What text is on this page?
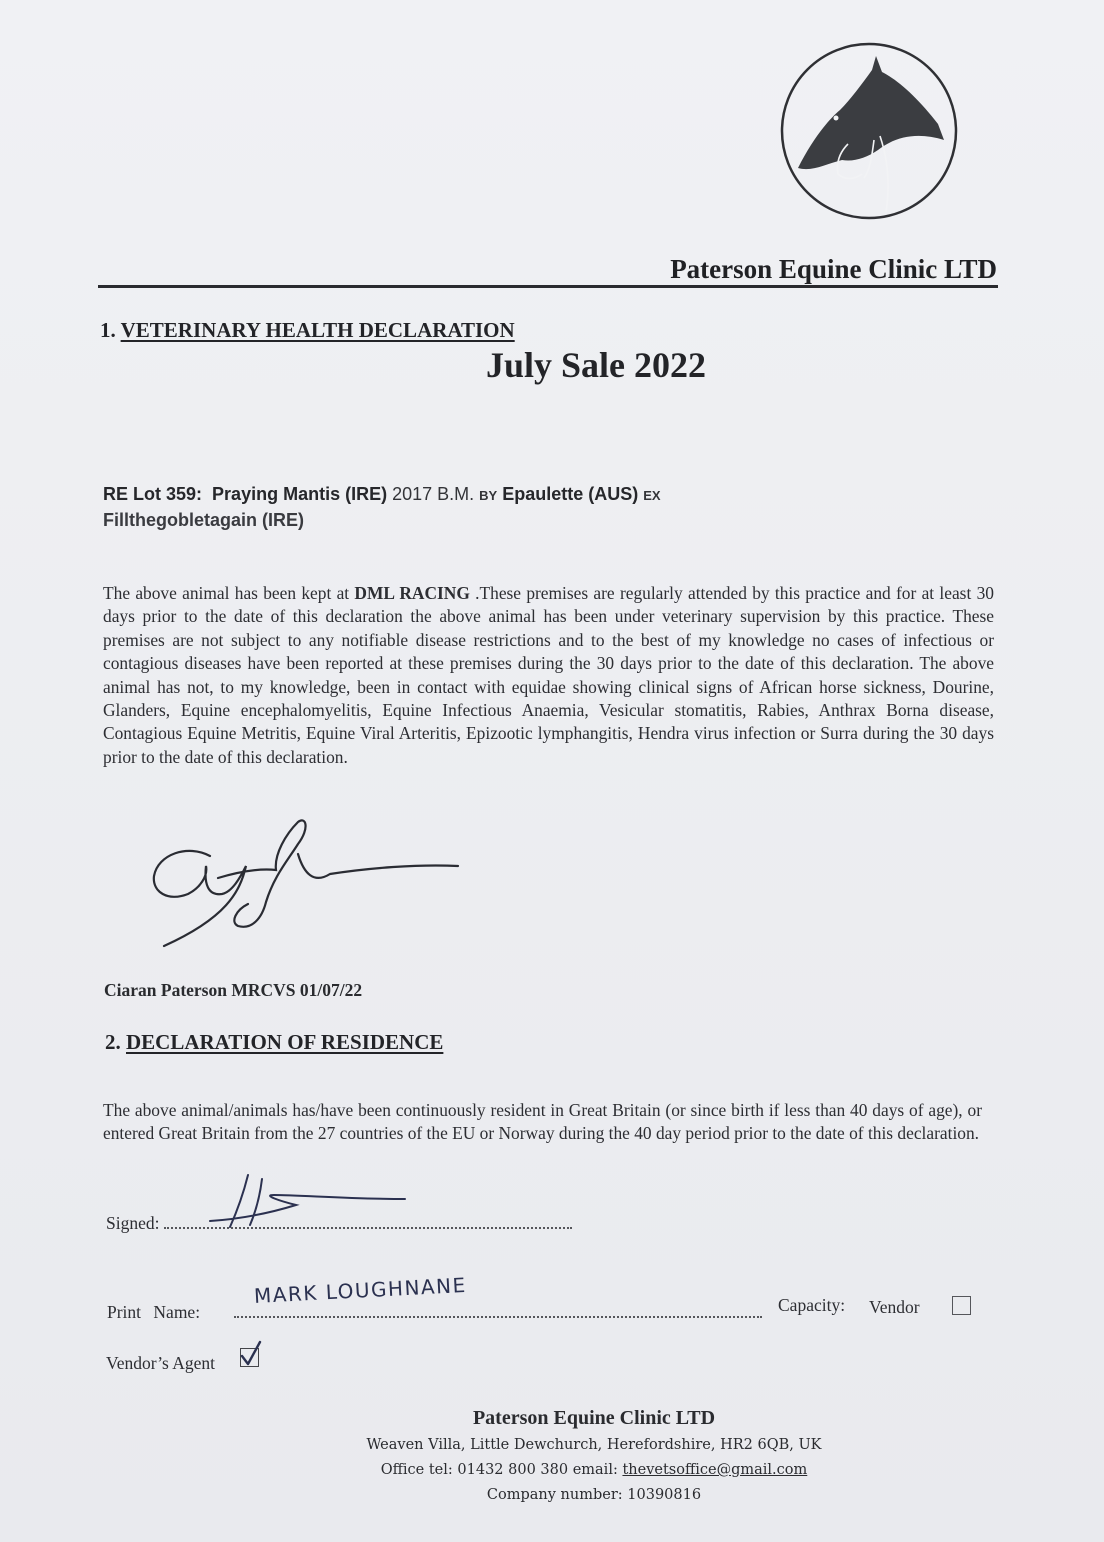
Paterson Equine Clinic LTD
1. VETERINARY HEALTH DECLARATION
July Sale 2022
RE Lot 359: Praying Mantis (IRE) 2017 B.M. BY Epaulette (AUS) EX
Fillthegobletagain (IRE)
The above animal has been kept at DML RACING .These premises are regularly attended by this practice and for at least 30 days prior to the date of this declaration the above animal has been under veterinary supervision by this practice. These premises are not subject to any notifiable disease restrictions and to the best of my knowledge no cases of infectious or contagious diseases have been reported at these premises during the 30 days prior to the date of this declaration. The above animal has not, to my knowledge, been in contact with equidae showing clinical signs of African horse sickness, Dourine, Glanders, Equine encephalomyelitis, Equine Infectious Anaemia, Vesicular stomatitis, Rabies, Anthrax Borna disease, Contagious Equine Metritis, Equine Viral Arteritis, Epizootic lymphangitis, Hendra virus infection or Surra during the 30 days prior to the date of this declaration.
Ciaran Paterson MRCVS 01/07/22
2. DECLARATION OF RESIDENCE
The above animal/animals has/have been continuously resident in Great Britain (or since birth if less than 40 days of age), or entered Great Britain from the 27 countries of the EU or Norway during the 40 day period prior to the date of this declaration.
Signed:
Print Name:
MARK LOUGHNANE	Capacity: Vendor
Vendor’s Agent
Paterson Equine Clinic LTD
Weaven Villa, Little Dewchurch, Herefordshire, HR2 6QB, UK
Office tel: 01432 800 380 email: thevetsoffice@gmail.com
Company number: 10390816
